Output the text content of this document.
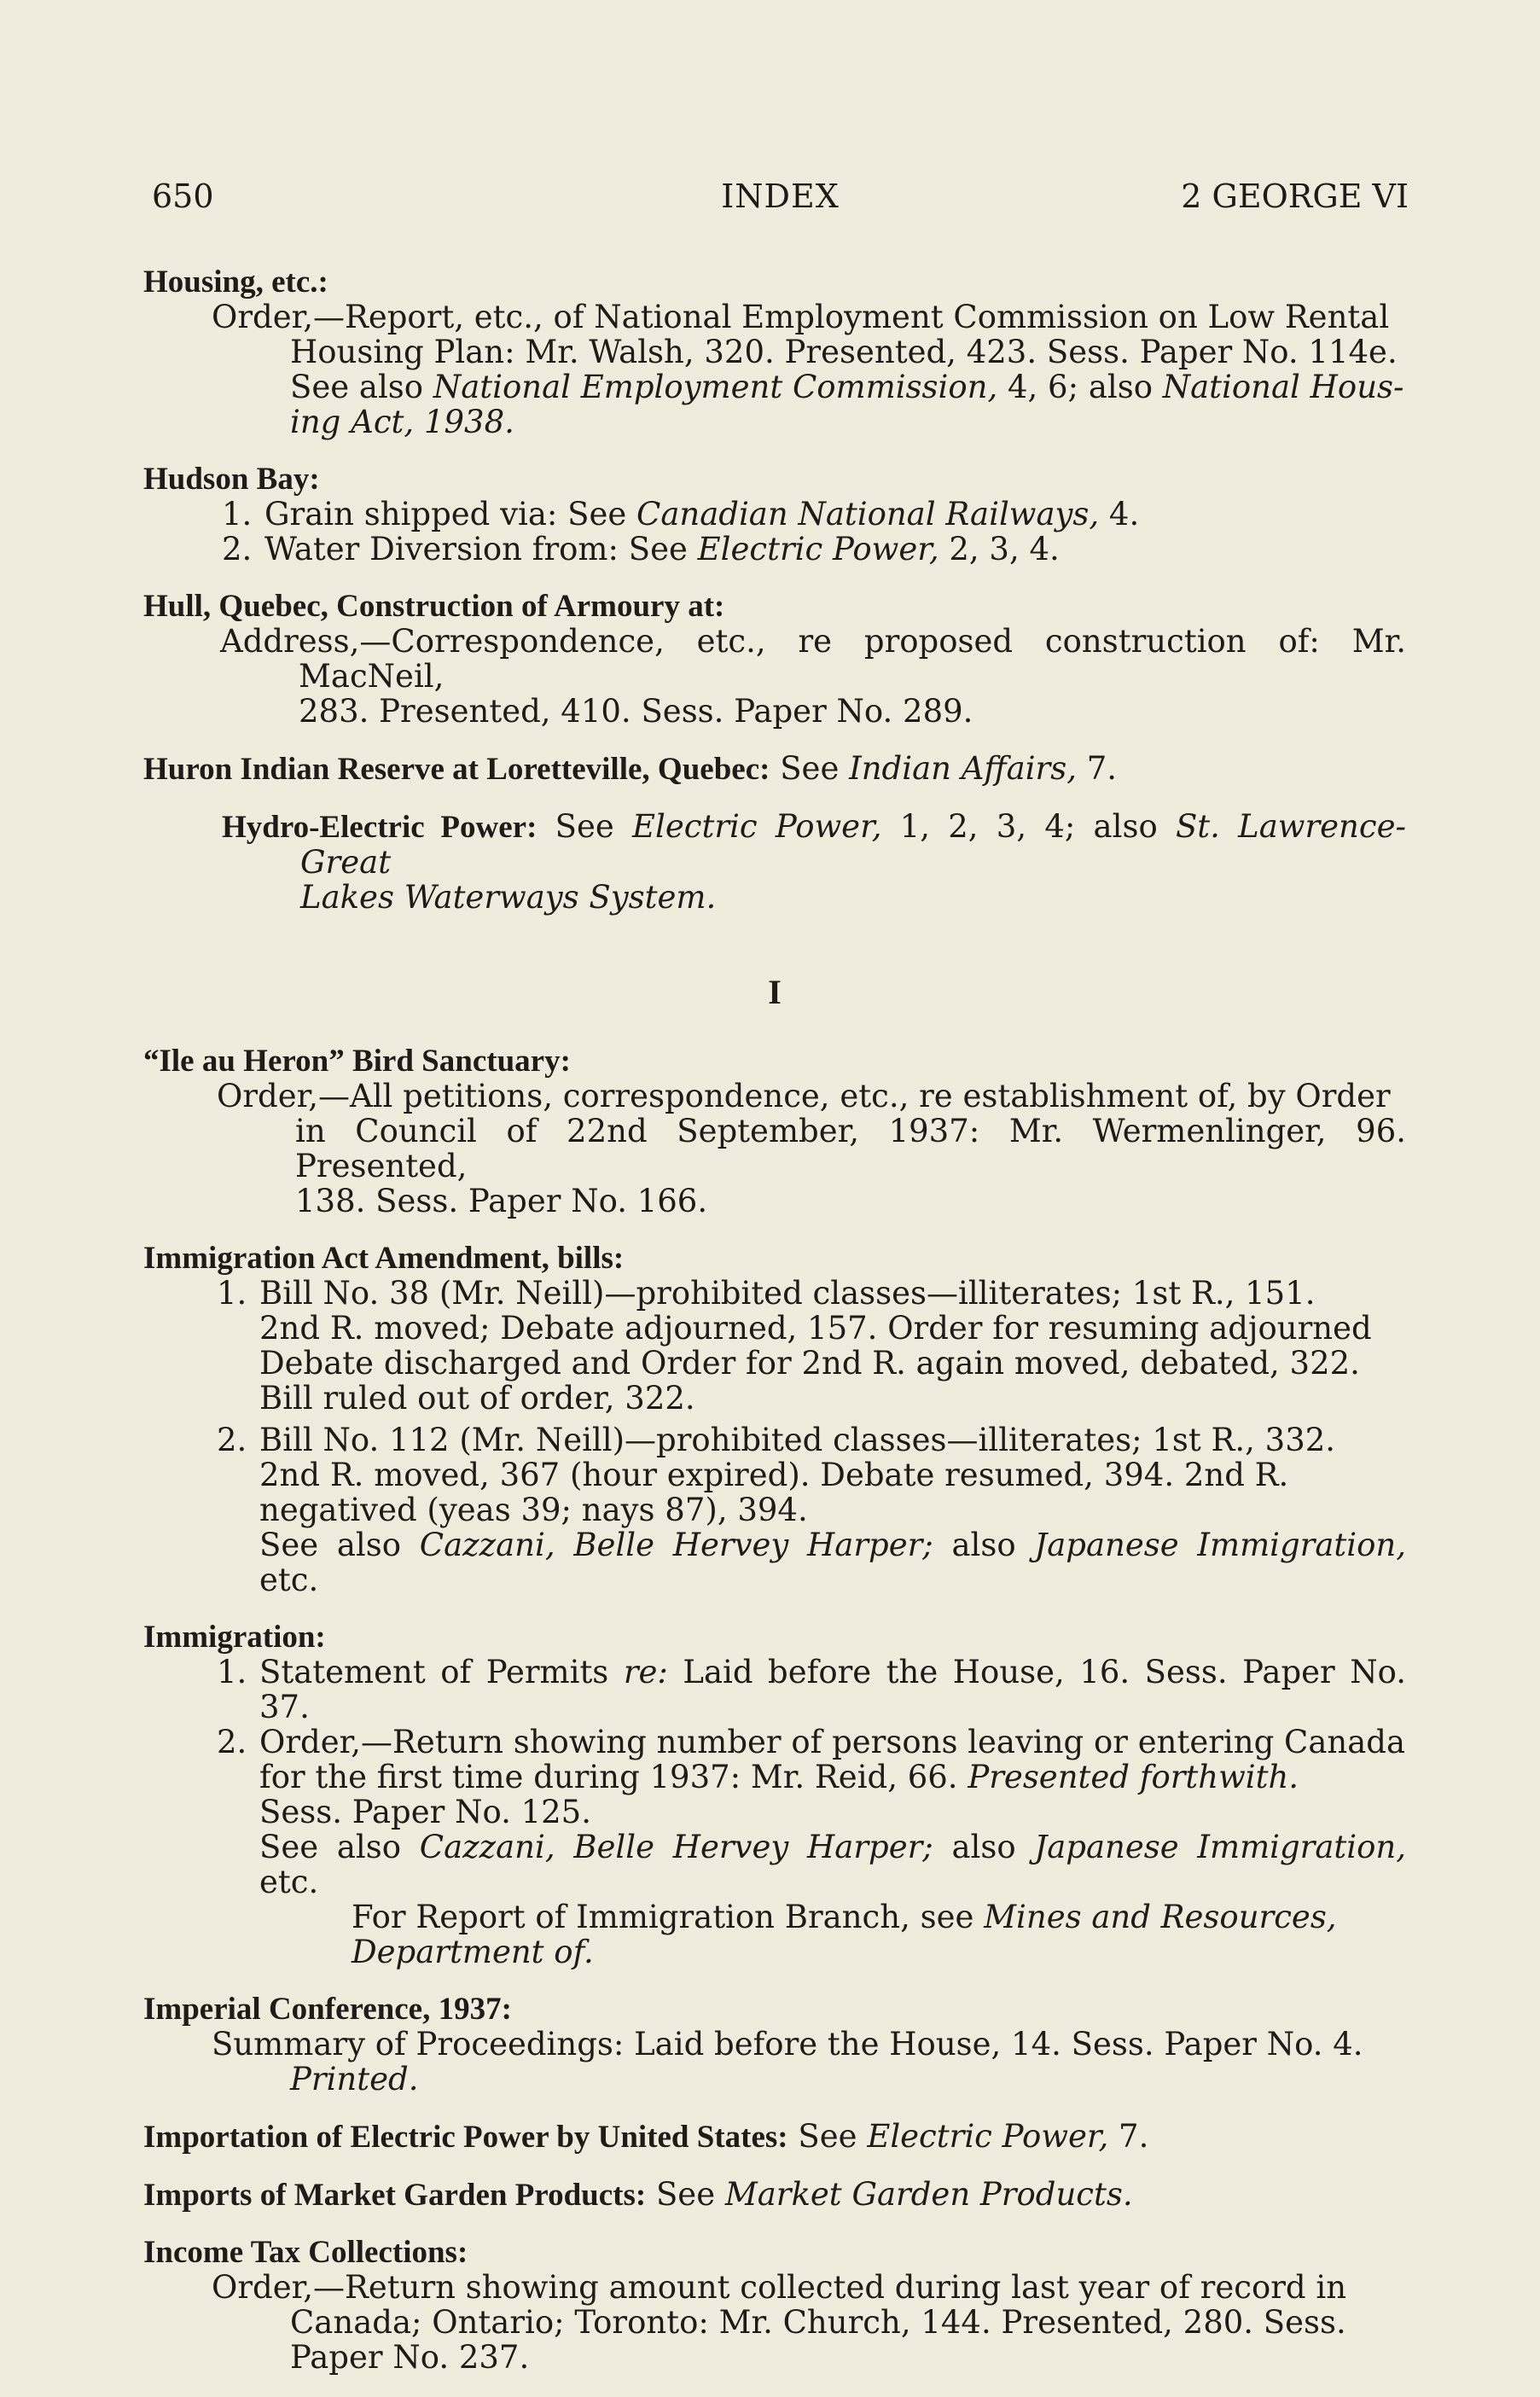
650	INDEX	2 GEORGE VI
Housing, etc.:
Order,—Report, etc., of National Employment Commission on Low Rental
Housing Plan: Mr. Walsh, 320. Presented, 423. Sess. Paper No. 114e.
See also National Employment Commission, 4, 6; also National Hous-
ing Act, 1938.
Hudson Bay:
1. Grain shipped via: See Canadian National Railways, 4.
2. Water Diversion from: See Electric Power, 2, 3, 4.
Hull, Quebec, Construction of Armoury at:
Address,—Correspondence, etc., re proposed construction of: Mr. MacNeil,
283. Presented, 410. Sess. Paper No. 289.
Huron Indian Reserve at Loretteville, Quebec: See Indian Affairs, 7.
Hydro-Electric Power: See Electric Power, 1, 2, 3, 4; also St. Lawrence-Great
Lakes Waterways System.
I
“Ile au Heron” Bird Sanctuary:
Order,—All petitions, correspondence, etc., re establishment of, by Order
in Council of 22nd September, 1937: Mr. Wermenlinger, 96. Presented,
138. Sess. Paper No. 166.
Immigration Act Amendment, bills:
1. Bill No. 38 (Mr. Neill)—prohibited classes—illiterates; 1st R., 151.
2nd R. moved; Debate adjourned, 157. Order for resuming adjourned
Debate discharged and Order for 2nd R. again moved, debated, 322.
Bill ruled out of order, 322.
2. Bill No. 112 (Mr. Neill)—prohibited classes—illiterates; 1st R., 332.
2nd R. moved, 367 (hour expired). Debate resumed, 394. 2nd R.
negatived (yeas 39; nays 87), 394.
See also Cazzani, Belle Hervey Harper; also Japanese Immigration, etc.
Immigration:
1. Statement of Permits re: Laid before the House, 16. Sess. Paper No. 37.
2. Order,—Return showing number of persons leaving or entering Canada
for the first time during 1937: Mr. Reid, 66. Presented forthwith.
Sess. Paper No. 125.
See also Cazzani, Belle Hervey Harper; also Japanese Immigration, etc.
For Report of Immigration Branch, see Mines and Resources,
Department of.
Imperial Conference, 1937:
Summary of Proceedings: Laid before the House, 14. Sess. Paper No. 4.
Printed.
Importation of Electric Power by United States: See Electric Power, 7.
Imports of Market Garden Products: See Market Garden Products.
Income Tax Collections:
Order,—Return showing amount collected during last year of record in
Canada; Ontario; Toronto: Mr. Church, 144. Presented, 280. Sess.
Paper No. 237.
